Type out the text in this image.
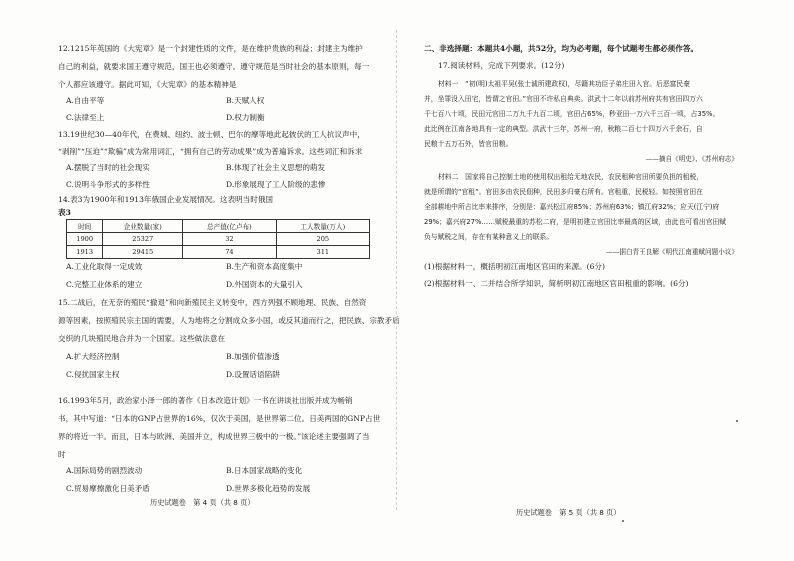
12.1215年英国的《大宪章》是一个封建性质的文件，是在维护贵族的利益；封建主为维护
自己的利益，就要求国王遵守规范，国王也必须遵守。遵守规范是当时社会的基本原则，每一
个人都应该遵守。据此可知，《大宪章》的基本精神是
A.自由平等	B.天赋人权
C.法律至上	D.权力制衡
13.19世纪30—40年代，在费城、纽约、波士顿、巴尔的摩等地此起彼伏的工人抗议声中，
“剥削”“压迫”“欺骗”成为常用词汇，“拥有自己的劳动成果”成为普遍诉求。这些词汇和诉求
A.摆脱了当时的社会现实	B.体现了社会主义思想的萌发
C.说明斗争形式的多样性	D.形象展现了工人阶级的悲惨
14.表3为1900年和1913年俄国企业发展情况。这表明当时俄国
表3
时间	企业数量(家)	总产值(亿卢布)	工人数量(万人)
1900	25327	32	205
1913	29415	74	311
A.工业化取得一定成效	B.生产和资本高度集中
C.完整工业体系的建立	D.外国资本的大量引入
15.二战后，在无奈的殖民“撤退”和向新殖民主义转变中，西方列强不顾地理、民族、自然资
源等因素，按照殖民宗主国的需要，人为地将之分割成众多小国，或反其道而行之，把民族、宗教矛盾
交织的几块殖民地合并为一个国家。这些做法意在
A.扩大经济控制	B.加强价值渗透
C.侵扰国家主权	D.设置话语陷阱
16.1993年5月，政治家小泽一郎的著作《日本改造计划》一书在讲谈社出版并成为畅销
书，其中写道：“日本的GNP占世界的16%，仅次于美国，是世界第二位。日美两国的GNP占世
界的将近一半。而且，日本与欧洲、美国并立，构成世界三极中的一极。”该论述主要强调了当
时
A.国际局势的剧烈波动	B.日本国家战略的变化
C.贸易摩擦激化日美矛盾	D.世界多极化趋势的发展
历史试题卷　第 4 页（共 8 页）
二、非选择题：本题共4小题，共52分，均为必考题，每个试题考生都必须作答。
17.阅读材料，完成下列要求。(12分)
材料一　“初(明)太祖平吴(张士诚所建政权)，尽籍其功臣子弟庄田入官。后恶富民豪
并，坐罪没入田宅，皆谓之官田。”官田不许私自典卖。洪武十二年以前苏州府共有官田四万六
千七百八十顷，民田元官田二万九千九百二顷，官田占65%，秒亚田一万六千三百一顷，占35%。
此比例在江南各地具有一定的典型。洪武十三年，苏州一府，秋粮二百七十四万六千余石，自
民粮十五万石外，皆官田粮。
——摘自《明史》、《苏州府志》
材料二　国家将自己控制土地的使用权出租给无地农民，农民租种官田所要负担的租税，
就是所谓的“官租”。官田多由农民佃种，民田多归豪右所有。官租重，民税轻。如按照官田在
全部耕地中所占比率来排序，分别是：嘉兴松江府85%；苏州府63%；镇江府32%；应天(江宁)府
29%；嘉兴府27%……赋税最重的苏松二府，是明初建立官田比率最高的区域，由此也可看出官田赋
负与赋税之间，存在有某种意义上的联系。
——据白青王良解《明代江南重赋问题小议》
(1)根据材料一，概括明初江南地区官田的来源。(6分)
(2)根据材料一、二并结合所学知识，简析明初江南地区官田租重的影响。(6分)
历史试题卷　第 5 页（共 8 页）
